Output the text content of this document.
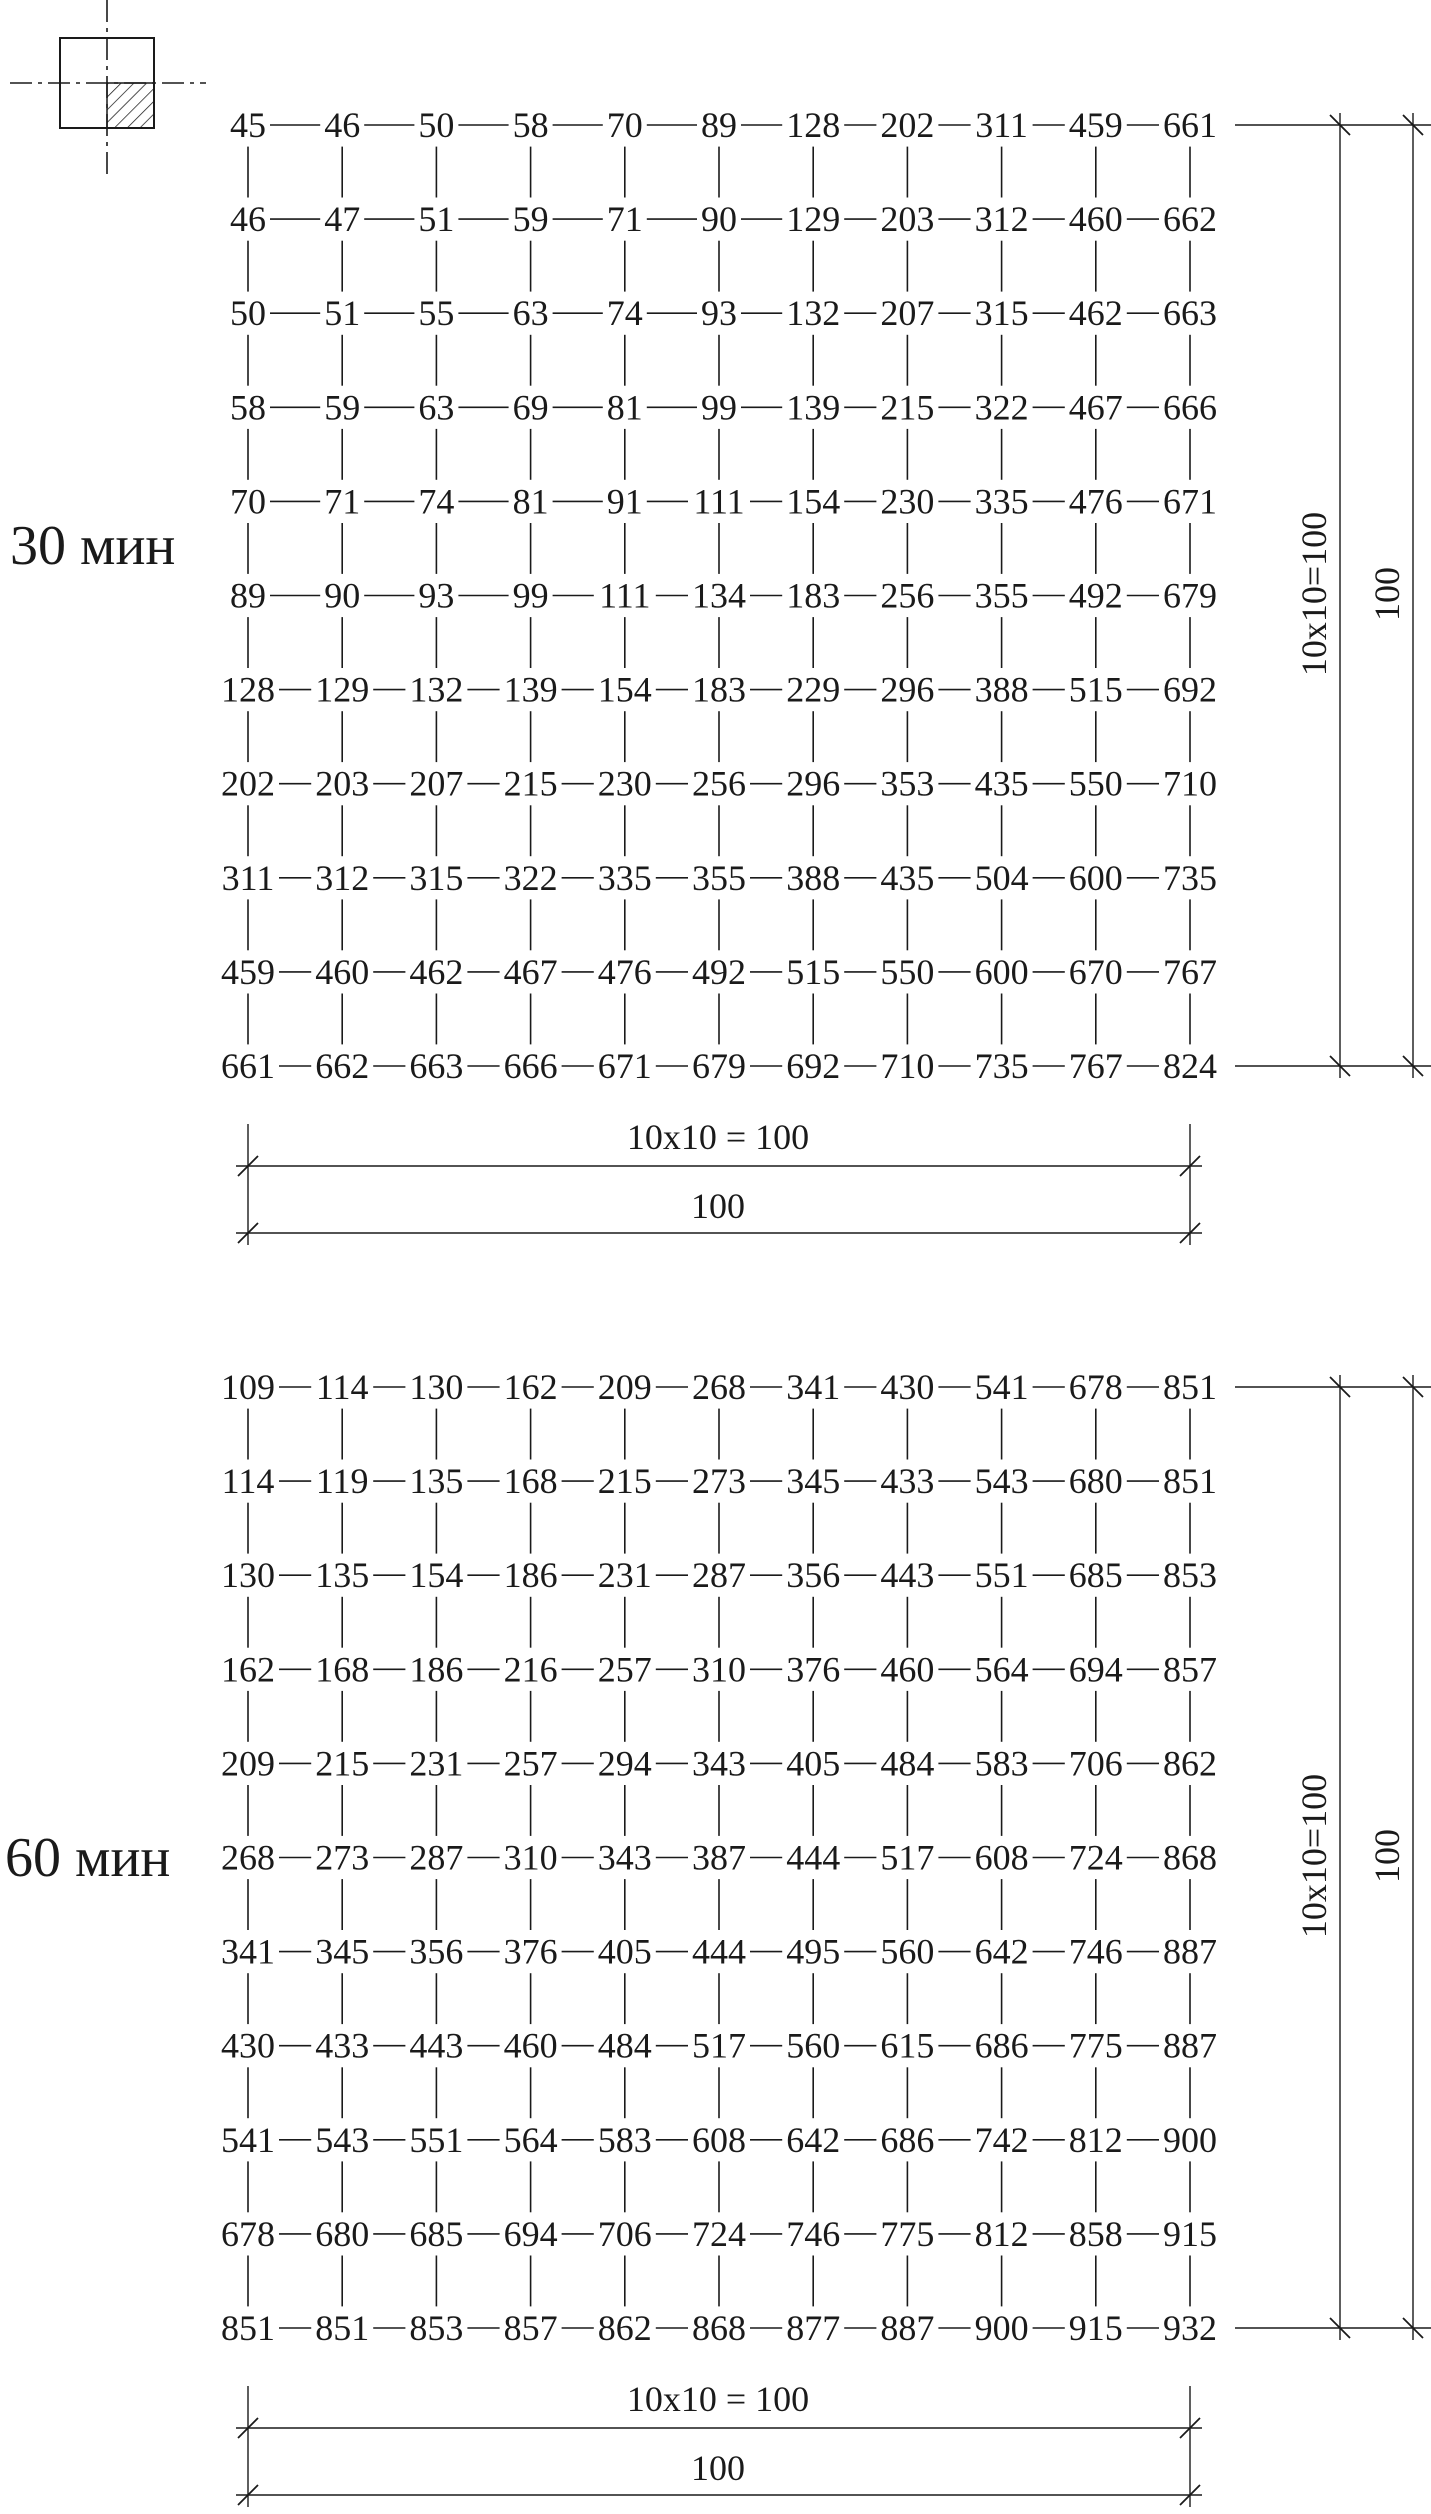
45 46 50 58 70 89 128 202 311 459 661
46 47 51 59 71 90 129 203 312 460 662
50 51 55 63 74 93 132 207 315 462 663
58 59 63 69 81 99 139 215 322 467 666
70 71 74 81 91 111 154 230 335 476 671
89 90 93 99 111 134 183 256 355 492 679
128 129 132 139 154 183 229 296 388 515 692
202 203 207 215 230 256 296 353 435 550 710
311 312 315 322 335 355 388 435 504 600 735
459 460 462 467 476 492 515 550 600 670 767
661 662 663 666 671 679 692 710 735 767 824
109 114 130 162 209 268 341 430 541 678 851
114 119 135 168 215 273 345 433 543 680 851
130 135 154 186 231 287 356 443 551 685 853
162 168 186 216 257 310 376 460 564 694 857
209 215 231 257 294 343 405 484 583 706 862
268 273 287 310 343 387 444 517 608 724 868
341 345 356 376 405 444 495 560 642 746 887
430 433 443 460 484 517 560 615 686 775 887
541 543 551 564 583 608 642 686 742 812 900
678 680 685 694 706 724 746 775 812 858 915
851 851 853 857 862 868 877 887 900 915 932
30 мин
10x10 = 100
100
10x10=100 100
60 мин
10x10 = 100
100
10x10=100 100
